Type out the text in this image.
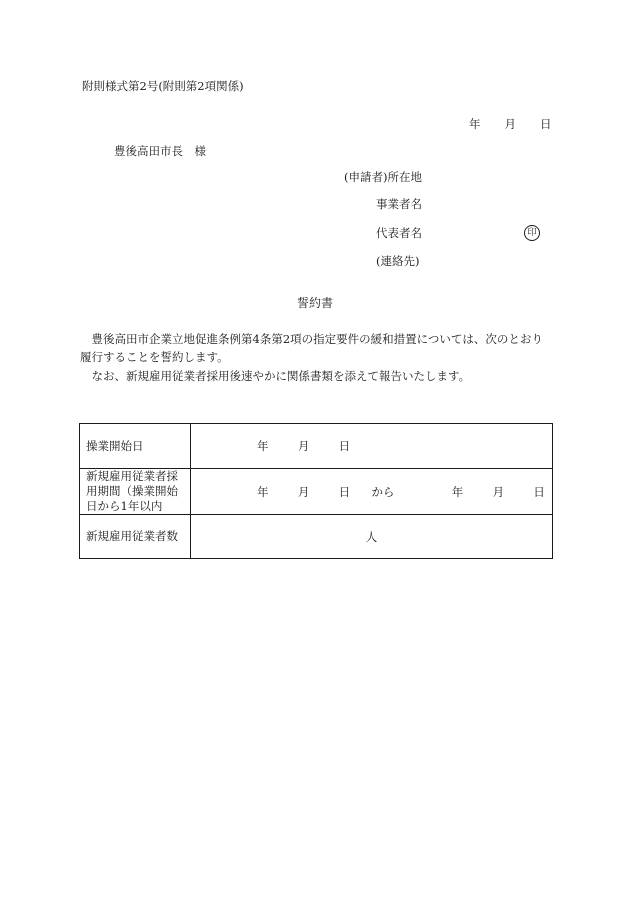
附則様式第2号(附則第2項関係)
年 月 日
豊後高田市長　様
(申請者)所在地
事業者名
代表者名	印
(連絡先)
誓約書

豊後高田市企業立地促進条例第4条第2項の指定要件の緩和措置については、次のとおり履行することを誓約します。

なお、新規雇用従業者採用後速やかに関係書類を添えて報告いたします。

操業開始日	年 月 日

新規雇用従業者採用期間（操業開始日から1年以内	年 月 日 から 年 月 日

新規雇用従業者数	人
